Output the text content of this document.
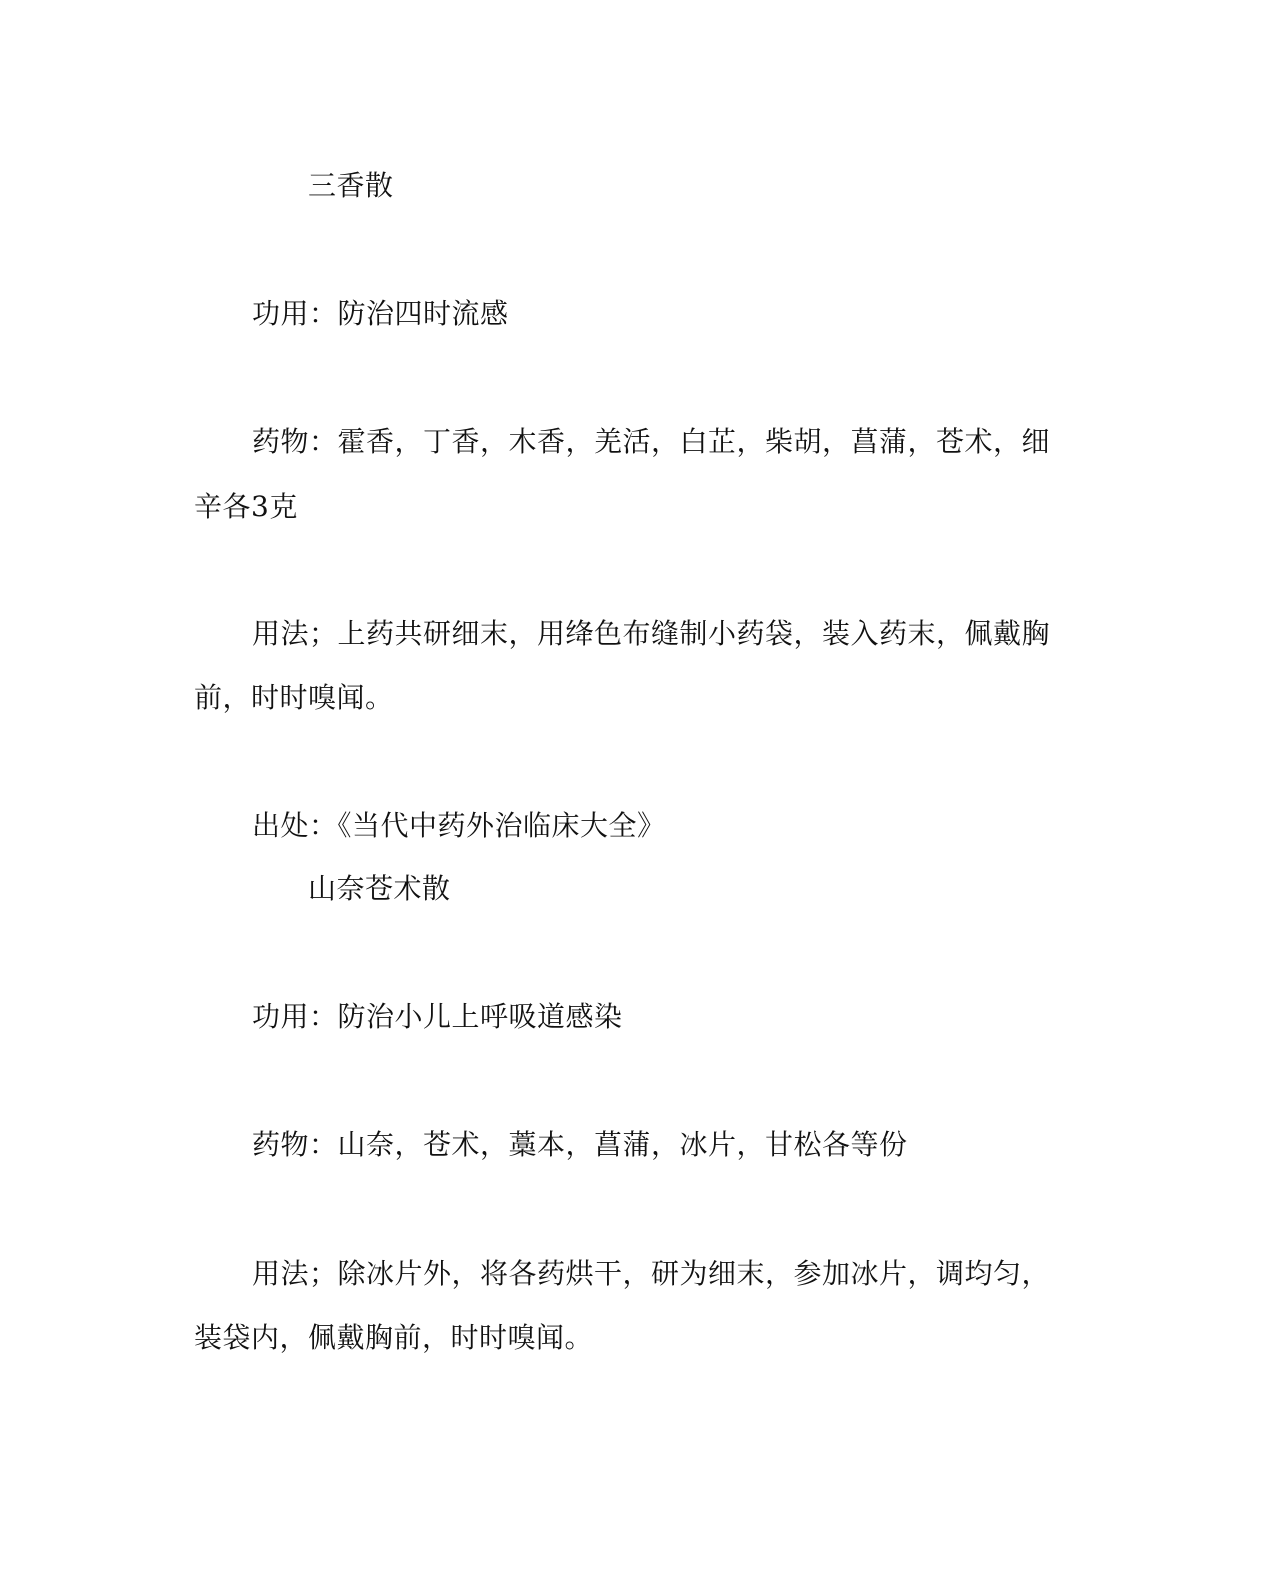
三香散
功用：防治四时流感
药物：霍香，丁香，木香，羌活，白芷，柴胡，菖蒲，苍术，细
辛各3克
用法；上药共研细末，用绛色布缝制小药袋，装入药末，佩戴胸
前，时时嗅闻。
出处：《当代中药外治临床大全》
山奈苍术散
功用：防治小儿上呼吸道感染
药物：山奈，苍术，藁本，菖蒲，冰片，甘松各等份
用法；除冰片外，将各药烘干，研为细末，参加冰片，调均匀，
装袋内，佩戴胸前，时时嗅闻。
